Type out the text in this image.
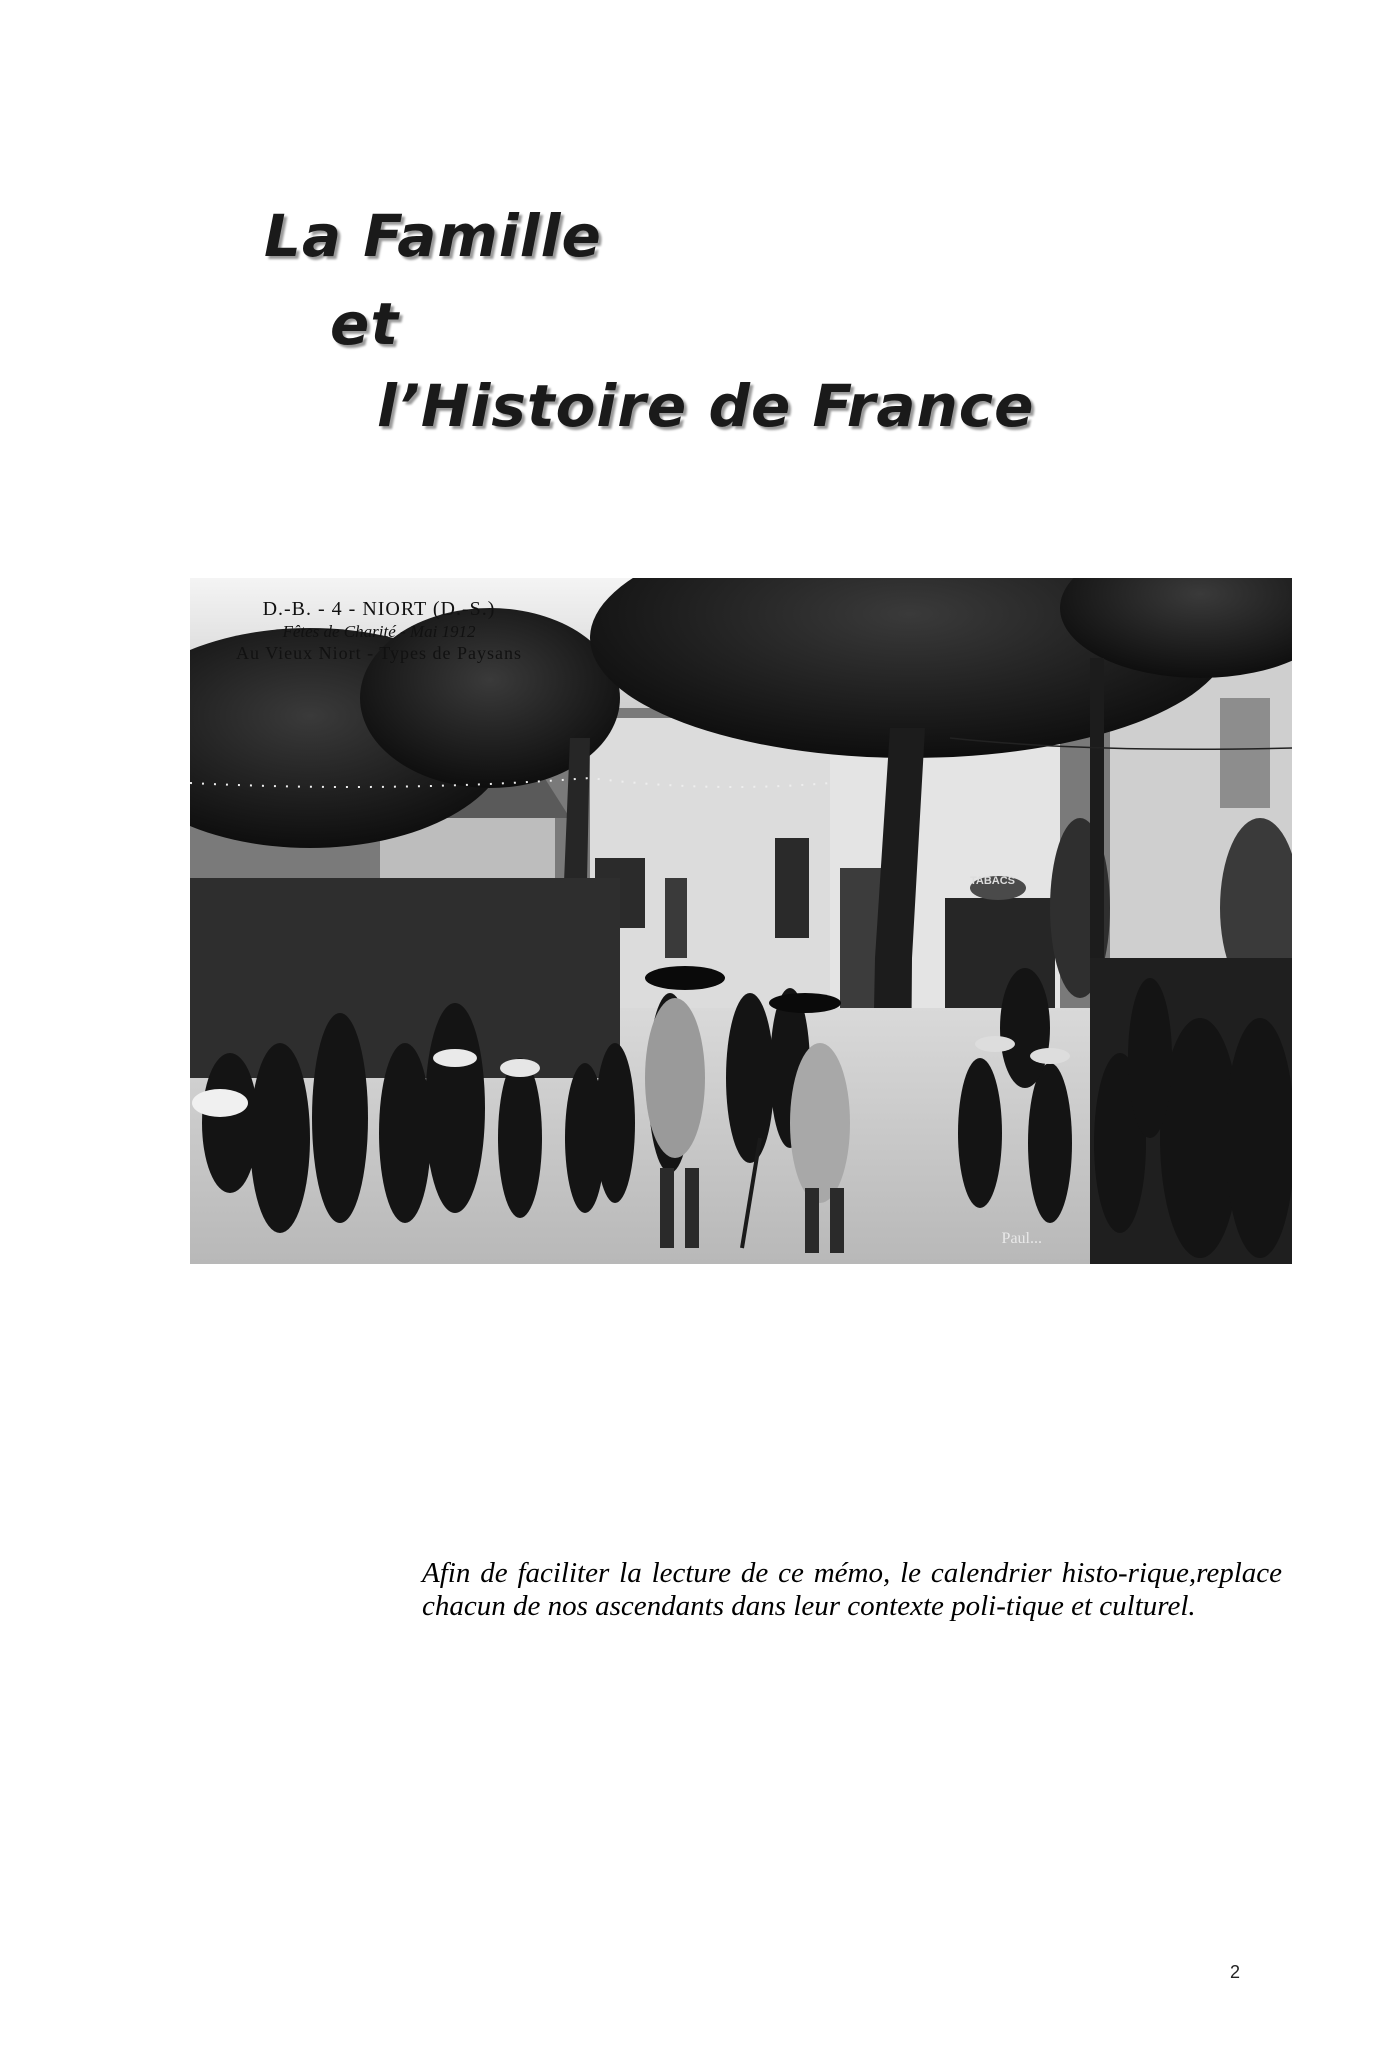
La Famille
et
l’Histoire de France
D.-B. - 4 - NIORT (D.-S.)
Fêtes de Charité - Mai 1912
Au Vieux Niort - Types de Paysans
TABACS
Paul...

Afin de faciliter la lecture de ce mémo, le calendrier histo-rique,replace chacun de nos ascendants dans leur contexte poli-tique et culturel.

2
